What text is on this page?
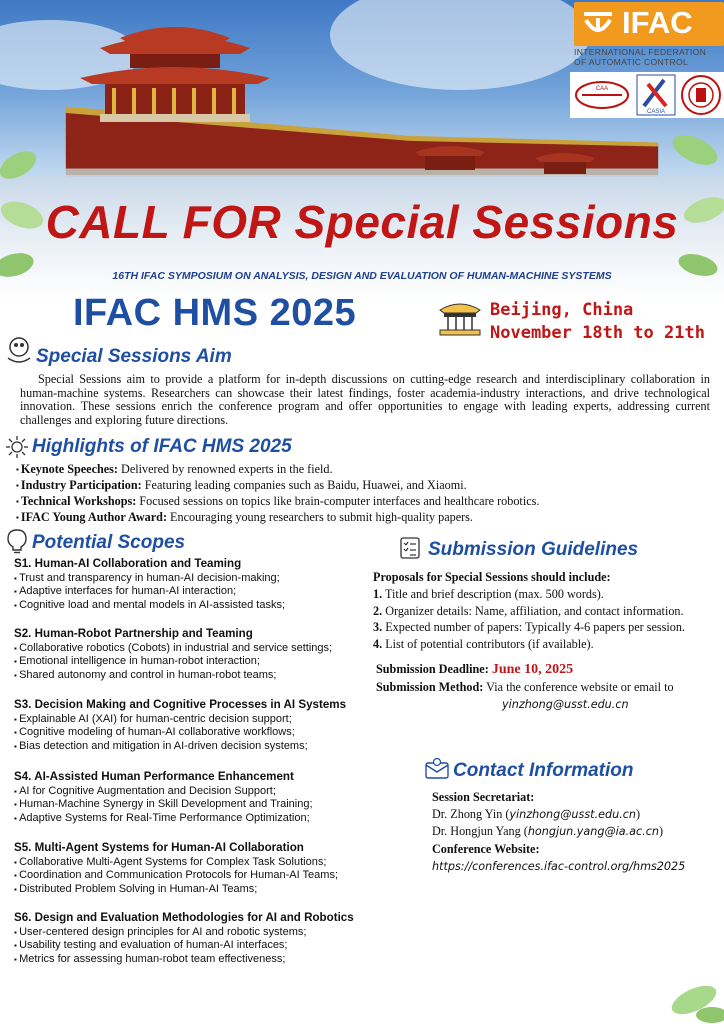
IFAC
INTERNATIONAL FEDERATION
OF AUTOMATIC CONTROL
CAA
CASIA
CALL FOR Special Sessions
16TH IFAC SYMPOSIUM ON ANALYSIS, DESIGN AND EVALUATION OF HUMAN-MACHINE SYSTEMS
IFAC HMS 2025	Beijing, China
November 18th to 21th
Special Sessions Aim
Special Sessions aim to provide a platform for in-depth discussions on cutting-edge research and interdisciplinary collaboration in human-machine systems. Researchers can showcase their latest findings, foster academia-industry interactions, and drive technological innovation. These sessions enrich the conference program and offer opportunities to engage with leading experts, addressing current challenges and exploring future directions.
Highlights of IFAC HMS 2025
▪ Keynote Speeches: Delivered by renowned experts in the field.
▪ Industry Participation: Featuring leading companies such as Baidu, Huawei, and Xiaomi.
▪ Technical Workshops: Focused sessions on topics like brain-computer interfaces and healthcare robotics.
▪ IFAC Young Author Award: Encouraging young researchers to submit high-quality papers.
Potential Scopes
S1. Human-AI Collaboration and Teaming
▪ Trust and transparency in human-AI decision-making;
▪ Adaptive interfaces for human-AI interaction;
▪ Cognitive load and mental models in AI-assisted tasks;
S2. Human-Robot Partnership and Teaming
▪ Collaborative robotics (Cobots) in industrial and service settings;
▪ Emotional intelligence in human-robot interaction;
▪ Shared autonomy and control in human-robot teams;
S3. Decision Making and Cognitive Processes in AI Systems
▪ Explainable AI (XAI) for human-centric decision support;
▪ Cognitive modeling of human-AI collaborative workflows;
▪ Bias detection and mitigation in AI-driven decision systems;
S4. AI-Assisted Human Performance Enhancement
▪ AI for Cognitive Augmentation and Decision Support;
▪ Human-Machine Synergy in Skill Development and Training;
▪ Adaptive Systems for Real-Time Performance Optimization;
S5. Multi-Agent Systems for Human-AI Collaboration
▪ Collaborative Multi-Agent Systems for Complex Task Solutions;
▪ Coordination and Communication Protocols for Human-AI Teams;
▪ Distributed Problem Solving in Human-AI Teams;
S6. Design and Evaluation Methodologies for AI and Robotics
▪ User-centered design principles for AI and robotic systems;
▪ Usability testing and evaluation of human-AI interfaces;
▪ Metrics for assessing human-robot team effectiveness;
Submission Guidelines
Proposals for Special Sessions should include:
1. Title and brief description (max. 500 words).
2. Organizer details: Name, affiliation, and contact information.
3. Expected number of papers: Typically 4-6 papers per session.
4. List of potential contributors (if available).
Submission Deadline: June 10, 2025
Submission Method: Via the conference website or email to
yinzhong@usst.edu.cn
Contact Information
Session Secretariat:
Dr. Zhong Yin (yinzhong@usst.edu.cn)
Dr. Hongjun Yang (hongjun.yang@ia.ac.cn)
Conference Website:
https://conferences.ifac-control.org/hms2025
